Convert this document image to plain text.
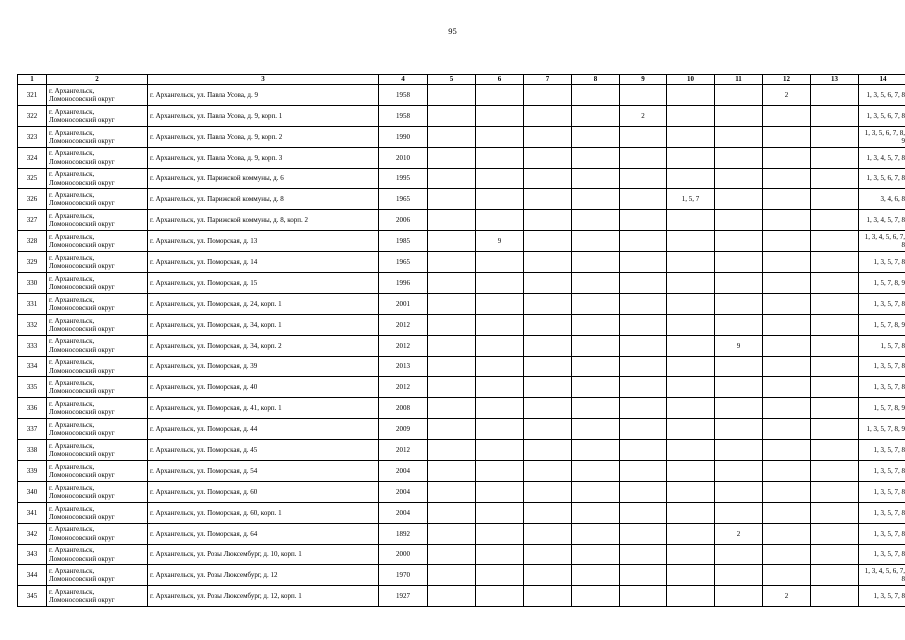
95
1	2	3	4	5	6	7	8	9	10	11	12	13	14
321	г. Архангельск,
Ломоносовский округ	г. Архангельск, ул. Павла Усова, д. 9	1958								2		1, 3, 5, 6, 7, 8
322	г. Архангельск,
Ломоносовский округ	г. Архангельск, ул. Павла Усова, д. 9, корп. 1	1958					2					1, 3, 5, 6, 7, 8
323	г. Архангельск,
Ломоносовский округ	г. Архангельск, ул. Павла Усова, д. 9, корп. 2	1990										1, 3, 5, 6, 7, 8, 9
324	г. Архангельск,
Ломоносовский округ	г. Архангельск, ул. Павла Усова, д. 9, корп. 3	2010										1, 3, 4, 5, 7, 8
325	г. Архангельск,
Ломоносовский округ	г. Архангельск, ул. Парижской коммуны, д. 6	1995										1, 3, 5, 6, 7, 8
326	г. Архангельск,
Ломоносовский округ	г. Архангельск, ул. Парижской коммуны, д. 8	1965						1, 5, 7				3, 4, 6, 8
327	г. Архангельск,
Ломоносовский округ	г. Архангельск, ул. Парижской коммуны, д. 8, корп. 2	2006										1, 3, 4, 5, 7, 8
328	г. Архангельск,
Ломоносовский округ	г. Архангельск, ул. Поморская, д. 13	1985		9								1, 3, 4, 5, 6, 7, 8
329	г. Архангельск,
Ломоносовский округ	г. Архангельск, ул. Поморская, д. 14	1965										1, 3, 5, 7, 8
330	г. Архангельск,
Ломоносовский округ	г. Архангельск, ул. Поморская, д. 15	1996										1, 5, 7, 8, 9
331	г. Архангельск,
Ломоносовский округ	г. Архангельск, ул. Поморская, д. 24, корп. 1	2001										1, 3, 5, 7, 8
332	г. Архангельск,
Ломоносовский округ	г. Архангельск, ул. Поморская, д. 34, корп. 1	2012										1, 5, 7, 8, 9
333	г. Архангельск,
Ломоносовский округ	г. Архангельск, ул. Поморская, д. 34, корп. 2	2012							9			1, 5, 7, 8
334	г. Архангельск,
Ломоносовский округ	г. Архангельск, ул. Поморская, д. 39	2013										1, 3, 5, 7, 8
335	г. Архангельск,
Ломоносовский округ	г. Архангельск, ул. Поморская, д. 40	2012										1, 3, 5, 7, 8
336	г. Архангельск,
Ломоносовский округ	г. Архангельск, ул. Поморская, д. 41, корп. 1	2008										1, 5, 7, 8, 9
337	г. Архангельск,
Ломоносовский округ	г. Архангельск, ул. Поморская, д. 44	2009										1, 3, 5, 7, 8, 9
338	г. Архангельск,
Ломоносовский округ	г. Архангельск, ул. Поморская, д. 45	2012										1, 3, 5, 7, 8
339	г. Архангельск,
Ломоносовский округ	г. Архангельск, ул. Поморская, д. 54	2004										1, 3, 5, 7, 8
340	г. Архангельск,
Ломоносовский округ	г. Архангельск, ул. Поморская, д. 60	2004										1, 3, 5, 7, 8
341	г. Архангельск,
Ломоносовский округ	г. Архангельск, ул. Поморская, д. 60, корп. 1	2004										1, 3, 5, 7, 8
342	г. Архангельск,
Ломоносовский округ	г. Архангельск, ул. Поморская, д. 64	1892							2			1, 3, 5, 7, 8
343	г. Архангельск,
Ломоносовский округ	г. Архангельск, ул. Розы Люксембург, д. 10, корп. 1	2000										1, 3, 5, 7, 8
344	г. Архангельск,
Ломоносовский округ	г. Архангельск, ул. Розы Люксембург, д. 12	1970										1, 3, 4, 5, 6, 7, 8
345	г. Архангельск,
Ломоносовский округ	г. Архангельск, ул. Розы Люксембург, д. 12, корп. 1	1927								2		1, 3, 5, 7, 8
